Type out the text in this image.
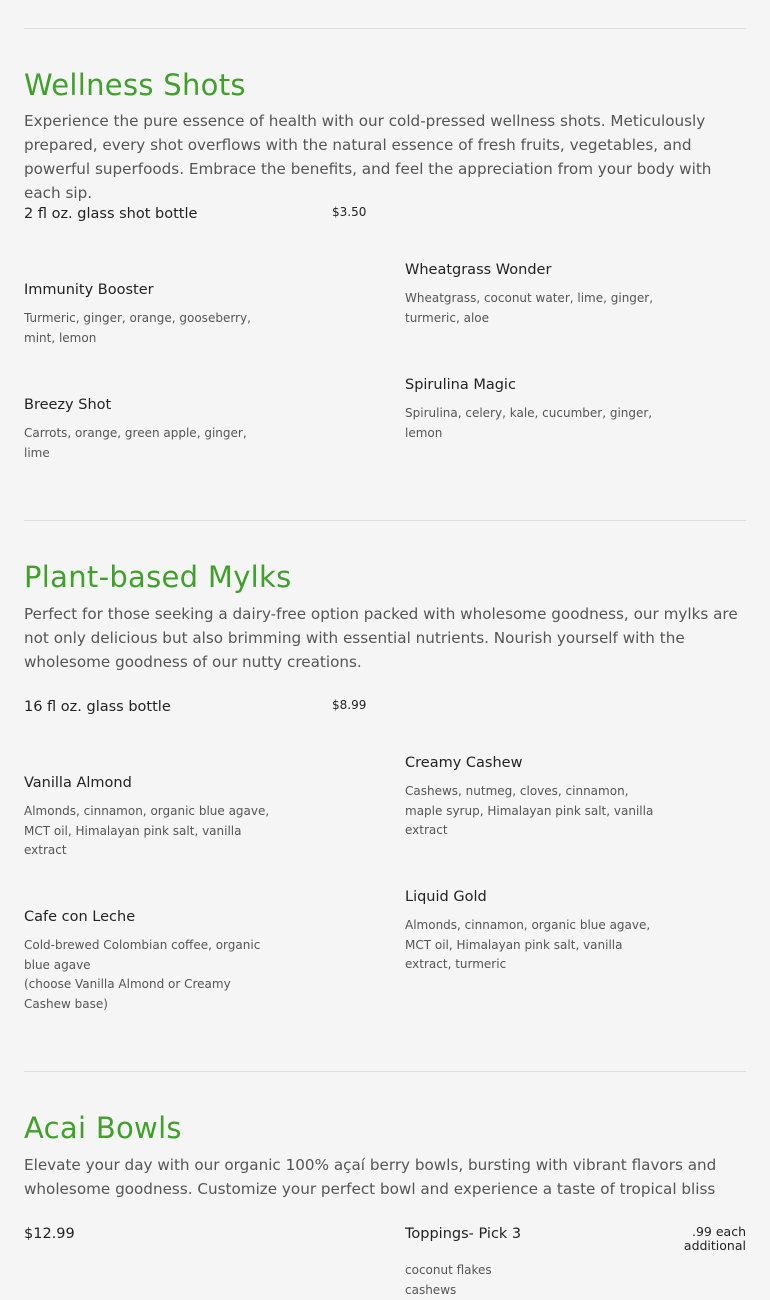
Wellness Shots

Experience the pure essence of health with our cold-pressed wellness shots. Meticulously prepared, every shot overflows with the natural essence of fresh fruits, vegetables, and powerful superfoods. Embrace the benefits, and feel the appreciation from your body with each sip.

2 fl oz. glass shot bottle	$3.50
Immunity Booster

Turmeric, ginger, orange, gooseberry, mint, lemon

Wheatgrass Wonder

Wheatgrass, coconut water, lime, ginger, turmeric, aloe

Breezy Shot

Carrots, orange, green apple, ginger, lime

Spirulina Magic

Spirulina, celery, kale, cucumber, ginger, lemon

Plant-based Mylks

Perfect for those seeking a dairy-free option packed with wholesome goodness, our mylks are not only delicious but also brimming with essential nutrients. Nourish yourself with the wholesome goodness of our nutty creations.

16 fl oz. glass bottle	$8.99
Vanilla Almond

Almonds, cinnamon, organic blue agave, MCT oil, Himalayan pink salt, vanilla extract

Creamy Cashew

Cashews, nutmeg, cloves, cinnamon, maple syrup, Himalayan pink salt, vanilla extract

Cafe con Leche
Cold-brewed Colombian coffee, organic blue agave
(choose Vanilla Almond or Creamy Cashew base)
Liquid Gold

Almonds, cinnamon, organic blue agave, MCT oil, Himalayan pink salt, vanilla extract, turmeric

Acai Bowls

Elevate your day with our organic 100% açaí berry bowls, bursting with vibrant flavors and wholesome goodness. Customize your perfect bowl and experience a taste of tropical bliss

$12.99	Toppings- Pick 3	.99 each additional

coconut flakes
cashews
